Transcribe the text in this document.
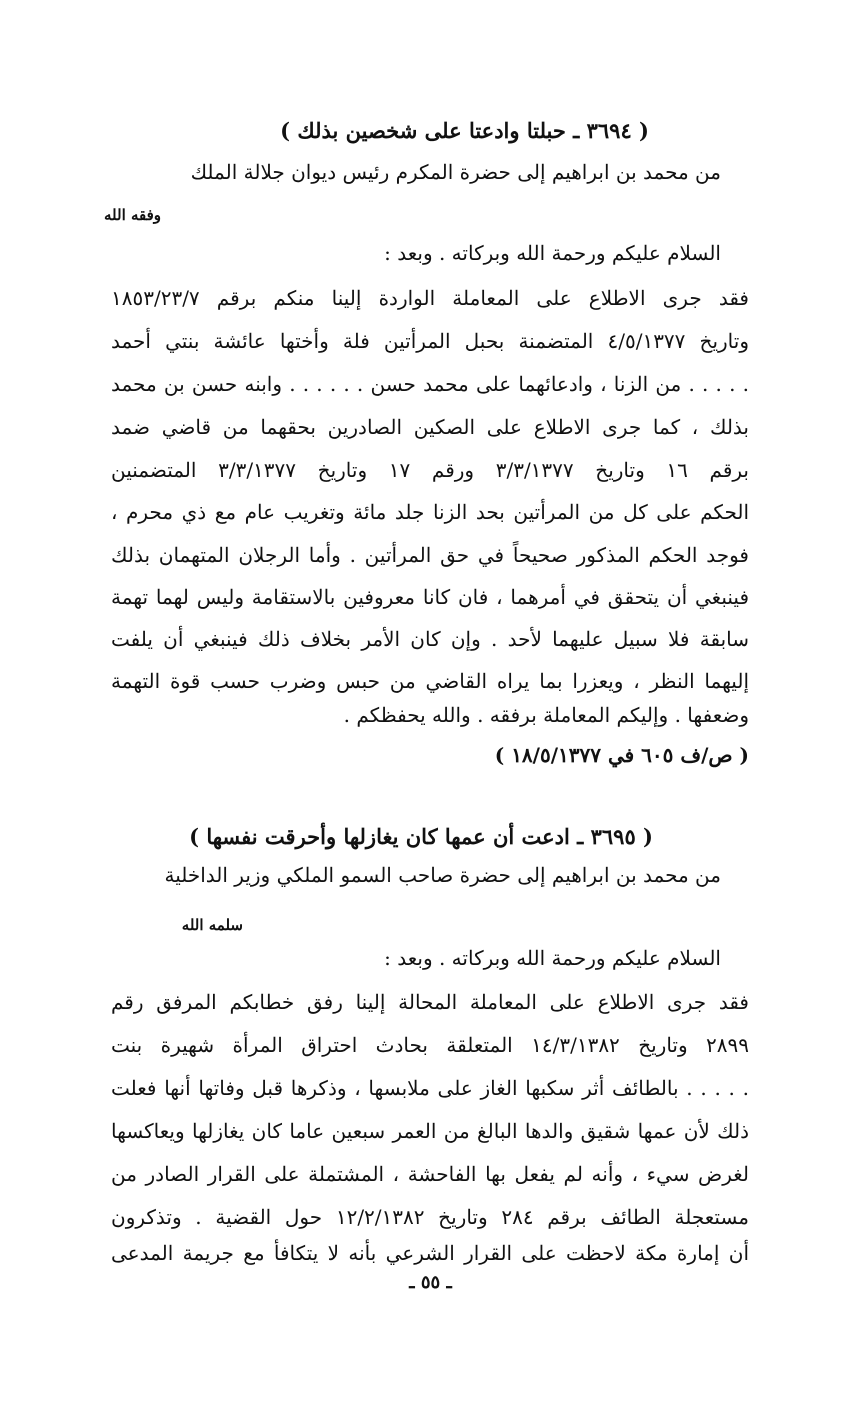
( ٣٦٩٤ ـ حبلتا وادعتا على شخصين بذلك )
من محمد بن ابراهيم إلى حضرة المكرم رئيس ديوان جلالة الملك
وفقه الله
السلام عليكم ورحمة الله وبركاته . وبعد :
فقد جرى الاطلاع على المعاملة الواردة إلينا منكم برقم ١٨٥٣/٢٣/٧
وتاريخ ٤/٥/١٣٧٧ المتضمنة بحبل المرأتين فلة وأختها عائشة بنتي أحمد
. . . . . من الزنا ، وادعائهما على محمد حسن . . . . . . وابنه حسن بن محمد
بذلك ، كما جرى الاطلاع على الصكين الصادرين بحقهما من قاضي ضمد
برقم ١٦ وتاريخ ٣/٣/١٣٧٧ ورقم ١٧ وتاريخ ٣/٣/١٣٧٧ المتضمنين
الحكم على كل من المرأتين بحد الزنا جلد مائة وتغريب عام مع ذي محرم ،
فوجد الحكم المذكور صحيحاً في حق المرأتين . وأما الرجلان المتهمان بذلك
فينبغي أن يتحقق في أمرهما ، فان كانا معروفين بالاستقامة وليس لهما تهمة
سابقة فلا سبيل عليهما لأحد . وإن كان الأمر بخلاف ذلك فينبغي أن يلفت
إليهما النظر ، ويعزرا بما يراه القاضي من حبس وضرب حسب قوة التهمة
وضعفها . وإليكم المعاملة برفقه . والله يحفظكم .
( ص/ف ٦٠٥ في ١٨/٥/١٣٧٧ )
( ٣٦٩٥ ـ ادعت أن عمها كان يغازلها وأحرقت نفسها )
من محمد بن ابراهيم إلى حضرة صاحب السمو الملكي وزير الداخلية
سلمه الله
السلام عليكم ورحمة الله وبركاته . وبعد :
فقد جرى الاطلاع على المعاملة المحالة إلينا رفق خطابكم المرفق رقم
٢٨٩٩ وتاريخ ١٤/٣/١٣٨٢ المتعلقة بحادث احتراق المرأة شهيرة بنت
. . . . . بالطائف أثر سكبها الغاز على ملابسها ، وذكرها قبل وفاتها أنها فعلت
ذلك لأن عمها شقيق والدها البالغ من العمر سبعين عاما كان يغازلها ويعاكسها
لغرض سيء ، وأنه لم يفعل بها الفاحشة ، المشتملة على القرار الصادر من
مستعجلة الطائف برقم ٢٨٤ وتاريخ ١٢/٢/١٣٨٢ حول القضية . وتذكرون
أن إمارة مكة لاحظت على القرار الشرعي بأنه لا يتكافأ مع جريمة المدعى
ـ ٥٥ ـ
